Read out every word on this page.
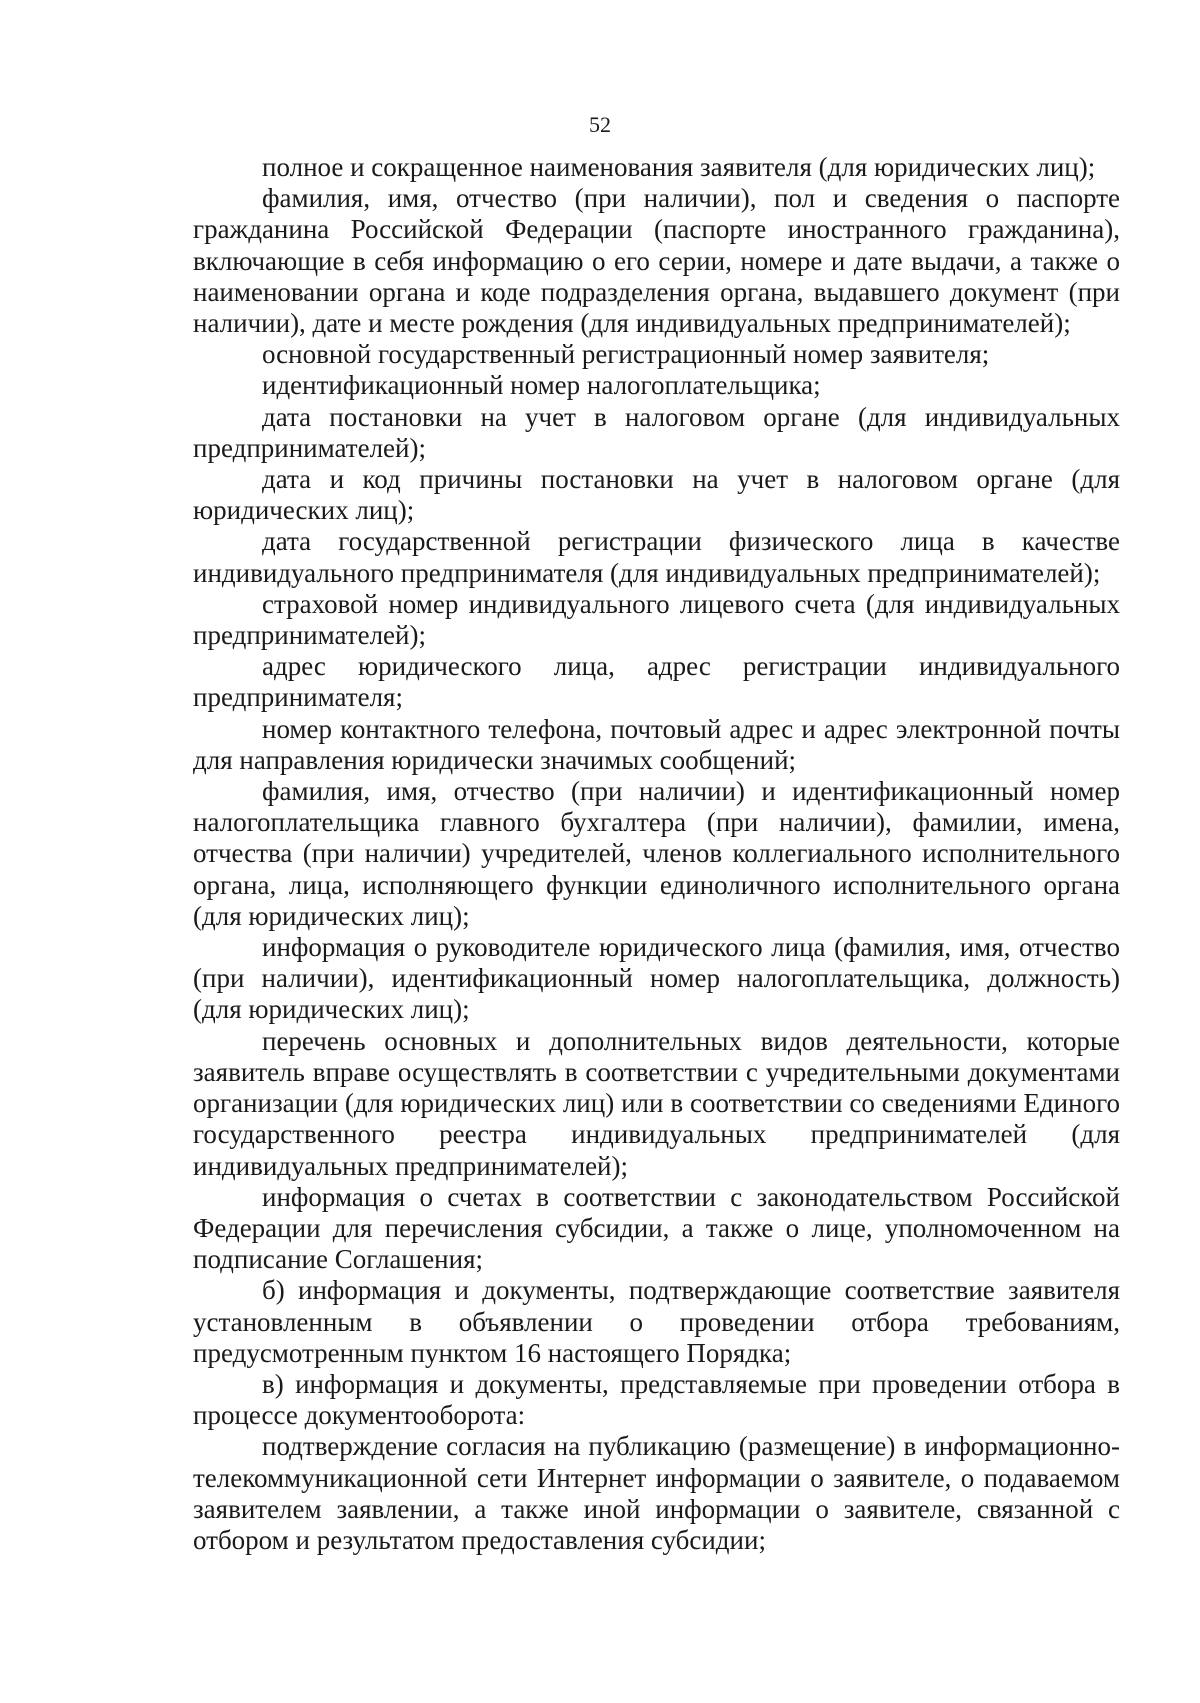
52

полное и сокращенное наименования заявителя (для юридических лиц);

фамилия, имя, отчество (при наличии), пол и сведения о паспорте гражданина Российской Федерации (паспорте иностранного гражданина), включающие в себя информацию о его серии, номере и дате выдачи, а также о наименовании органа и коде подразделения органа, выдавшего документ (при наличии), дате и месте рождения (для индивидуальных предпринимателей);

основной государственный регистрационный номер заявителя;

идентификационный номер налогоплательщика;

дата постановки на учет в налоговом органе (для индивидуальных предпринимателей);

дата и код причины постановки на учет в налоговом органе (для юридических лиц);

дата государственной регистрации физического лица в качестве индивидуального предпринимателя (для индивидуальных предпринимателей);

страховой номер индивидуального лицевого счета (для индивидуальных предпринимателей);

адрес юридического лица, адрес регистрации индивидуального предпринимателя;

номер контактного телефона, почтовый адрес и адрес электронной почты для направления юридически значимых сообщений;

фамилия, имя, отчество (при наличии) и идентификационный номер налогоплательщика главного бухгалтера (при наличии), фамилии, имена, отчества (при наличии) учредителей, членов коллегиального исполнительного органа, лица, исполняющего функции единоличного исполнительного органа (для юридических лиц);

информация о руководителе юридического лица (фамилия, имя, отчество (при наличии), идентификационный номер налогоплательщика, должность) (для юридических лиц);

перечень основных и дополнительных видов деятельности, которые заявитель вправе осуществлять в соответствии с учредительными документами организации (для юридических лиц) или в соответствии со сведениями Единого государственного реестра индивидуальных предпринимателей (для индивидуальных предпринимателей);

информация о счетах в соответствии с законодательством Российской Федерации для перечисления субсидии, а также о лице, уполномоченном на подписание Соглашения;

б) информация и документы, подтверждающие соответствие заявителя установленным в объявлении о проведении отбора требованиям, предусмотренным пунктом 16 настоящего Порядка;

в) информация и документы, представляемые при проведении отбора в процессе документооборота:

подтверждение согласия на публикацию (размещение) в информационно-телекоммуникационной сети Интернет информации о заявителе, о подаваемом заявителем заявлении, а также иной информации о заявителе, связанной с отбором и результатом предоставления субсидии;
